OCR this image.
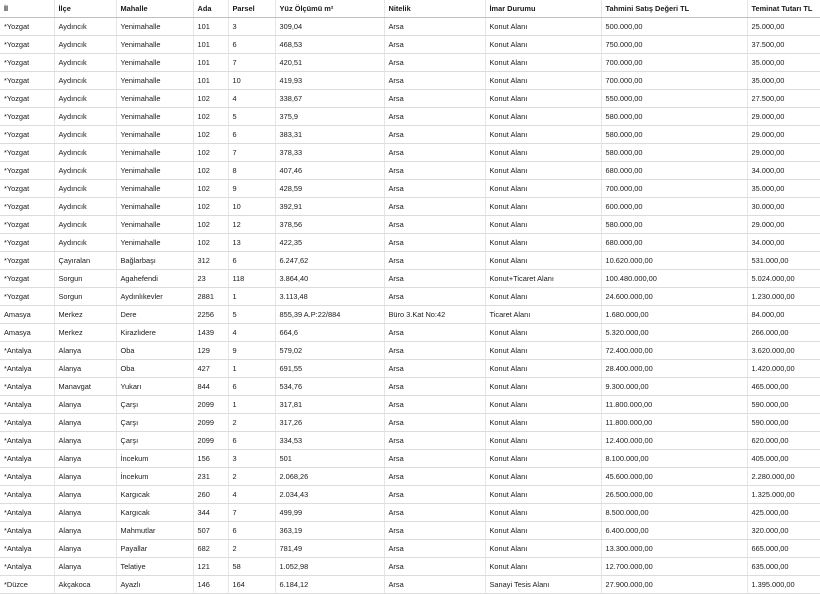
İl	İlçe	Mahalle	Ada	Parsel	Yüz Ölçümü m²	Nitelik	İmar Durumu	Tahmini Satış Değeri TL	Teminat Tutarı TL
*Yozgat	Aydıncık	Yenimahalle	101	3	309,04	Arsa	Konut Alanı	500.000,00	25.000,00
*Yozgat	Aydıncık	Yenimahalle	101	6	468,53	Arsa	Konut Alanı	750.000,00	37.500,00
*Yozgat	Aydıncık	Yenimahalle	101	7	420,51	Arsa	Konut Alanı	700.000,00	35.000,00
*Yozgat	Aydıncık	Yenimahalle	101	10	419,93	Arsa	Konut Alanı	700.000,00	35.000,00
*Yozgat	Aydıncık	Yenimahalle	102	4	338,67	Arsa	Konut Alanı	550.000,00	27.500,00
*Yozgat	Aydıncık	Yenimahalle	102	5	375,9	Arsa	Konut Alanı	580.000,00	29.000,00
*Yozgat	Aydıncık	Yenimahalle	102	6	383,31	Arsa	Konut Alanı	580.000,00	29.000,00
*Yozgat	Aydıncık	Yenimahalle	102	7	378,33	Arsa	Konut Alanı	580.000,00	29.000,00
*Yozgat	Aydıncık	Yenimahalle	102	8	407,46	Arsa	Konut Alanı	680.000,00	34.000,00
*Yozgat	Aydıncık	Yenimahalle	102	9	428,59	Arsa	Konut Alanı	700.000,00	35.000,00
*Yozgat	Aydıncık	Yenimahalle	102	10	392,91	Arsa	Konut Alanı	600.000,00	30.000,00
*Yozgat	Aydıncık	Yenimahalle	102	12	378,56	Arsa	Konut Alanı	580.000,00	29.000,00
*Yozgat	Aydıncık	Yenimahalle	102	13	422,35	Arsa	Konut Alanı	680.000,00	34.000,00
*Yozgat	Çayıralan	Bağlarbaşı	312	6	6.247,62	Arsa	Konut Alanı	10.620.000,00	531.000,00
*Yozgat	Sorgun	Agahefendi	23	118	3.864,40	Arsa	Konut+Ticaret Alanı	100.480.000,00	5.024.000,00
*Yozgat	Sorgun	Aydınlıkevler	2881	1	3.113,48	Arsa	Konut Alanı	24.600.000,00	1.230.000,00
Amasya	Merkez	Dere	2256	5	855,39 A.P:22/884	Büro 3.Kat No:42	Ticaret Alanı	1.680.000,00	84.000,00
Amasya	Merkez	Kirazlıdere	1439	4	664,6	Arsa	Konut Alanı	5.320.000,00	266.000,00
*Antalya	Alanya	Oba	129	9	579,02	Arsa	Konut Alanı	72.400.000,00	3.620.000,00
*Antalya	Alanya	Oba	427	1	691,55	Arsa	Konut Alanı	28.400.000,00	1.420.000,00
*Antalya	Manavgat	Yukarı	844	6	534,76	Arsa	Konut Alanı	9.300.000,00	465.000,00
*Antalya	Alanya	Çarşı	2099	1	317,81	Arsa	Konut Alanı	11.800.000,00	590.000,00
*Antalya	Alanya	Çarşı	2099	2	317,26	Arsa	Konut Alanı	11.800.000,00	590.000,00
*Antalya	Alanya	Çarşı	2099	6	334,53	Arsa	Konut Alanı	12.400.000,00	620.000,00
*Antalya	Alanya	İncekum	156	3	501	Arsa	Konut Alanı	8.100.000,00	405.000,00
*Antalya	Alanya	İncekum	231	2	2.068,26	Arsa	Konut Alanı	45.600.000,00	2.280.000,00
*Antalya	Alanya	Kargıcak	260	4	2.034,43	Arsa	Konut Alanı	26.500.000,00	1.325.000,00
*Antalya	Alanya	Kargıcak	344	7	499,99	Arsa	Konut Alanı	8.500.000,00	425.000,00
*Antalya	Alanya	Mahmutlar	507	6	363,19	Arsa	Konut Alanı	6.400.000,00	320.000,00
*Antalya	Alanya	Payallar	682	2	781,49	Arsa	Konut Alanı	13.300.000,00	665.000,00
*Antalya	Alanya	Telatiye	121	58	1.052,98	Arsa	Konut Alanı	12.700.000,00	635.000,00
*Düzce	Akçakoca	Ayazlı	146	164	6.184,12	Arsa	Sanayi Tesis Alanı	27.900.000,00	1.395.000,00
